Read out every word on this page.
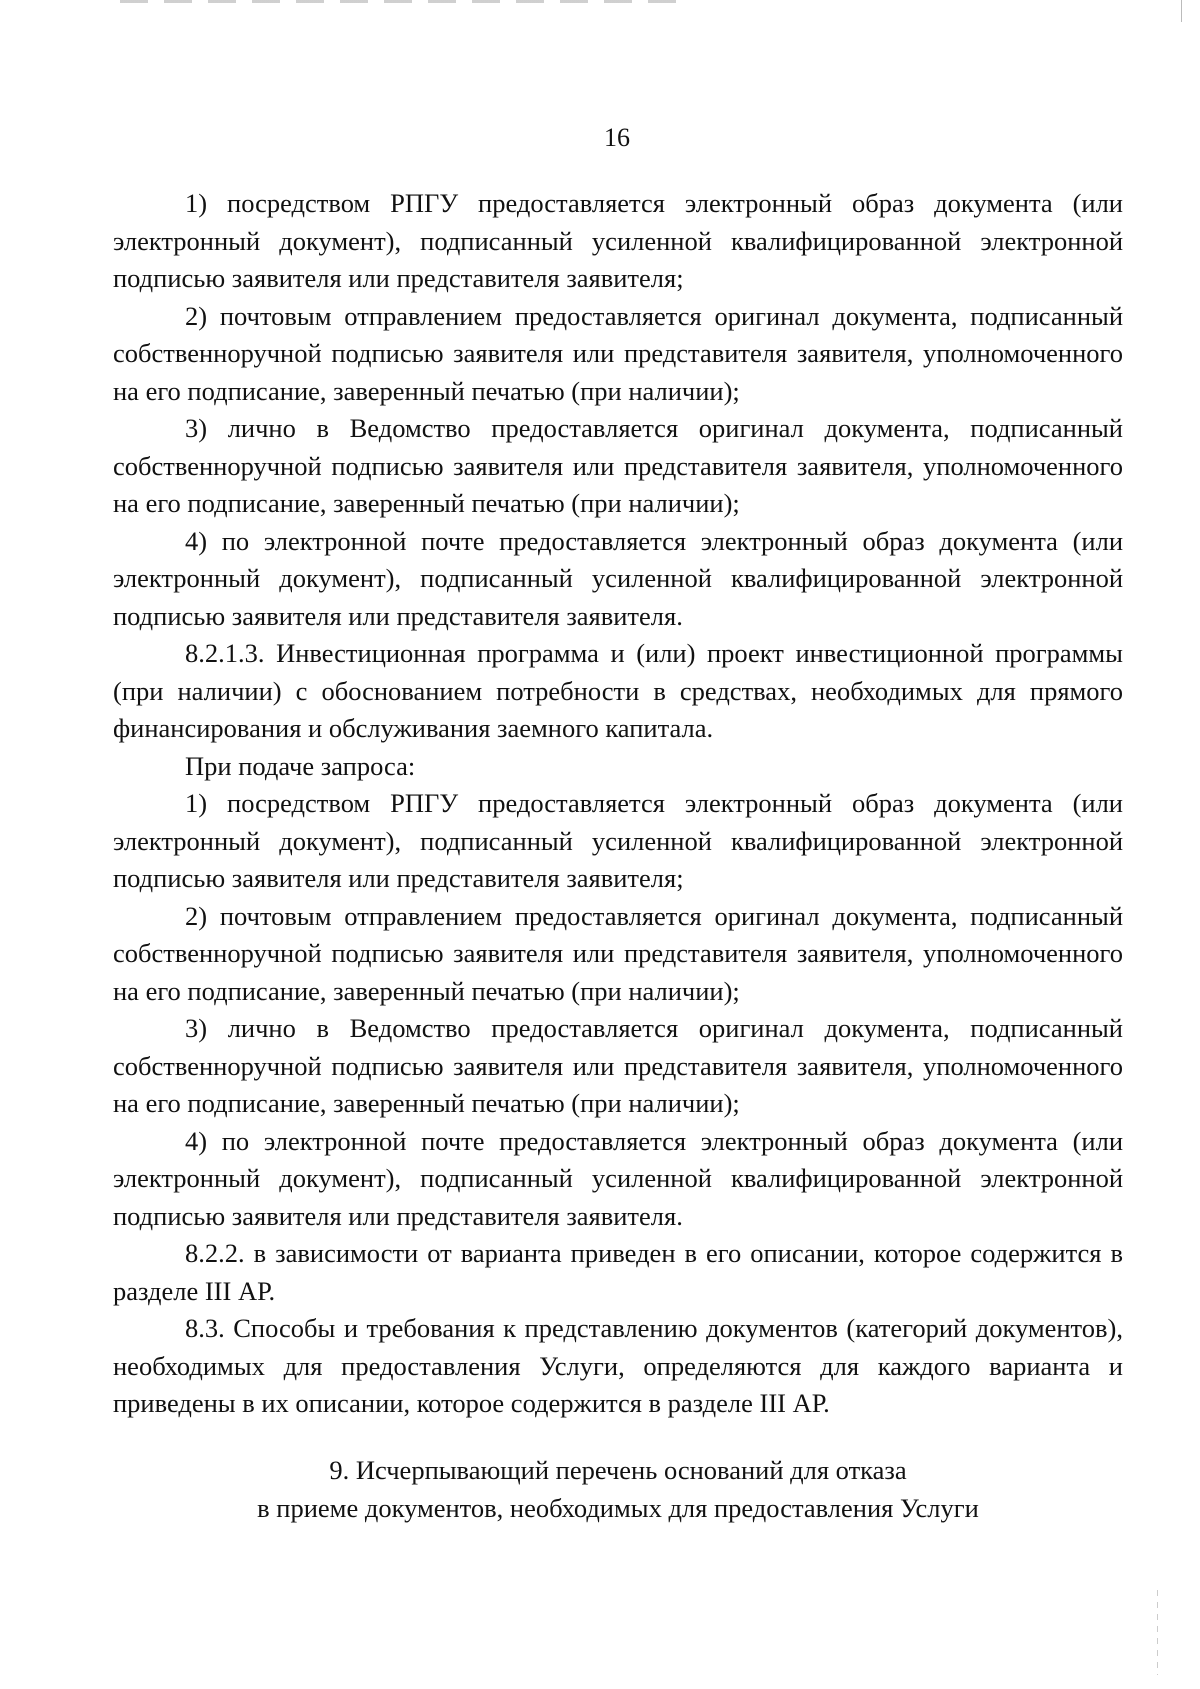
16

1) посредством РПГУ предоставляется электронный образ документа (или электронный документ), подписанный усиленной квалифицированной электронной подписью заявителя или представителя заявителя;

2) почтовым отправлением предоставляется оригинал документа, подписанный собственноручной подписью заявителя или представителя заявителя, уполномоченного на его подписание, заверенный печатью (при наличии);

3) лично в Ведомство предоставляется оригинал документа, подписанный собственноручной подписью заявителя или представителя заявителя, уполномоченного на его подписание, заверенный печатью (при наличии);

4) по электронной почте предоставляется электронный образ документа (или электронный документ), подписанный усиленной квалифицированной электронной подписью заявителя или представителя заявителя.

8.2.1.3. Инвестиционная программа и (или) проект инвестиционной программы (при наличии) с обоснованием потребности в средствах, необходимых для прямого финансирования и обслуживания заемного капитала.

При подаче запроса:

1) посредством РПГУ предоставляется электронный образ документа (или электронный документ), подписанный усиленной квалифицированной электронной подписью заявителя или представителя заявителя;

2) почтовым отправлением предоставляется оригинал документа, подписанный собственноручной подписью заявителя или представителя заявителя, уполномоченного на его подписание, заверенный печатью (при наличии);

3) лично в Ведомство предоставляется оригинал документа, подписанный собственноручной подписью заявителя или представителя заявителя, уполномоченного на его подписание, заверенный печатью (при наличии);

4) по электронной почте предоставляется электронный образ документа (или электронный документ), подписанный усиленной квалифицированной электронной подписью заявителя или представителя заявителя.

8.2.2. в зависимости от варианта приведен в его описании, которое содержится в разделе III АР.

8.3. Способы и требования к представлению документов (категорий документов), необходимых для предоставления Услуги, определяются для каждого варианта и приведены в их описании, которое содержится в разделе III АР.

9. Исчерпывающий перечень оснований для отказа
в приеме документов, необходимых для предоставления Услуги
